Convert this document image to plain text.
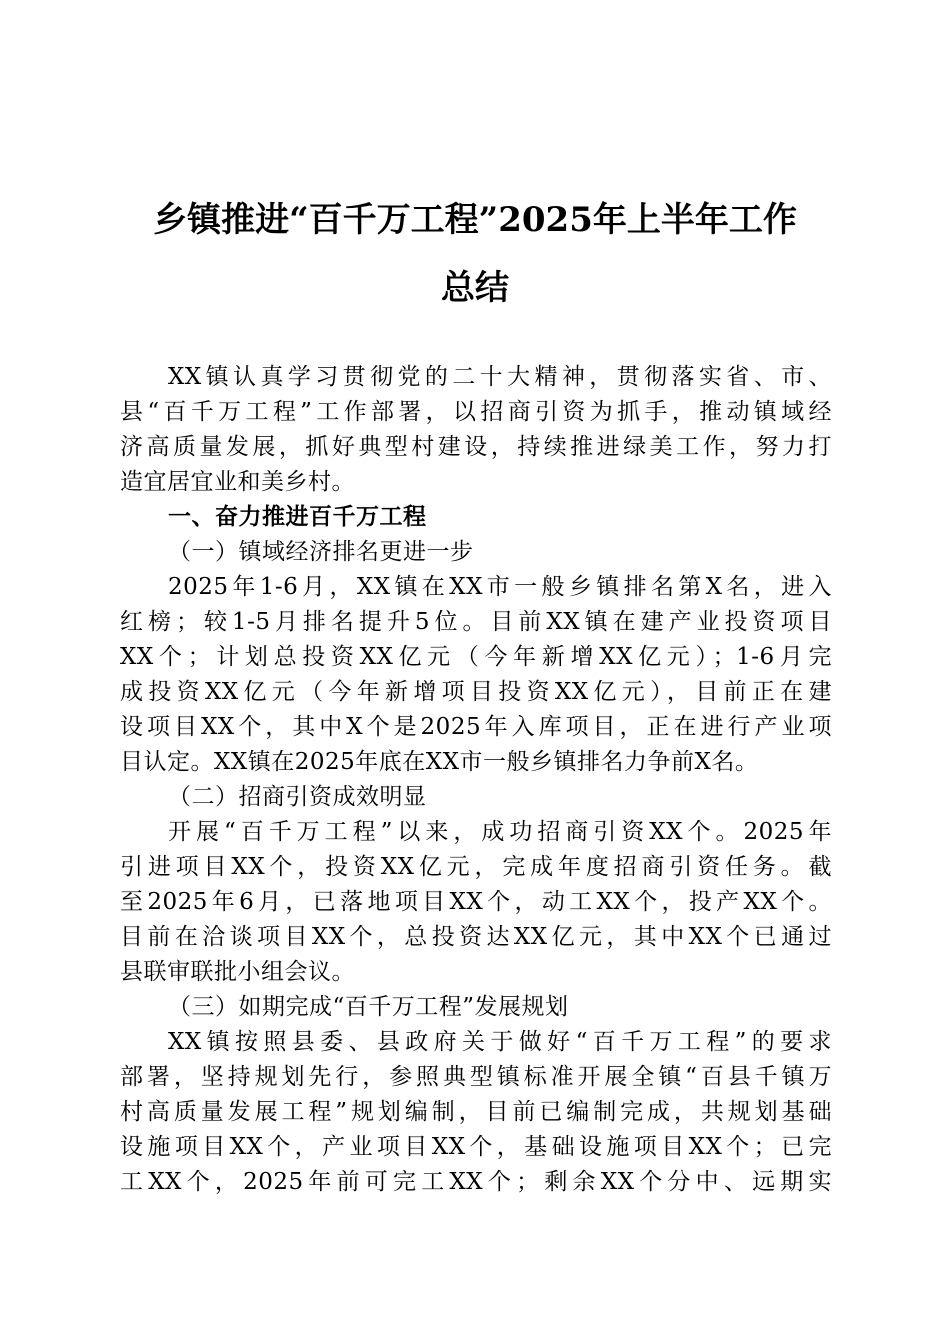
乡镇推进“百千万工程”2025年上半年工作
总结
XX镇认真学习贯彻党的二十大精神，贯彻落实省、市、
县“百千万工程”工作部署，以招商引资为抓手，推动镇域经
济高质量发展，抓好典型村建设，持续推进绿美工作，努力打
造宜居宜业和美乡村。
一、奋力推进百千万工程
（一）镇域经济排名更进一步
2025年1-6月，XX镇在XX市一般乡镇排名第X名，进入
红榜；较1-5月排名提升5位。目前XX镇在建产业投资项目
XX个；计划总投资XX亿元（今年新增XX亿元）；1-6月完
成投资XX亿元（今年新增项目投资XX亿元），目前正在建
设项目XX个，其中X个是2025年入库项目，正在进行产业项
目认定。XX镇在2025年底在XX市一般乡镇排名力争前X名。
（二）招商引资成效明显
开展“百千万工程”以来，成功招商引资XX个。2025年
引进项目XX个，投资XX亿元，完成年度招商引资任务。截
至2025年6月，已落地项目XX个，动工XX个，投产XX个。
目前在洽谈项目XX个，总投资达XX亿元，其中XX个已通过
县联审联批小组会议。
（三）如期完成“百千万工程”发展规划
XX镇按照县委、县政府关于做好“百千万工程”的要求
部署，坚持规划先行，参照典型镇标准开展全镇“百县千镇万
村高质量发展工程”规划编制，目前已编制完成，共规划基础
设施项目XX个，产业项目XX个，基础设施项目XX个；已完
工XX个，2025年前可完工XX个；剩余XX个分中、远期实
